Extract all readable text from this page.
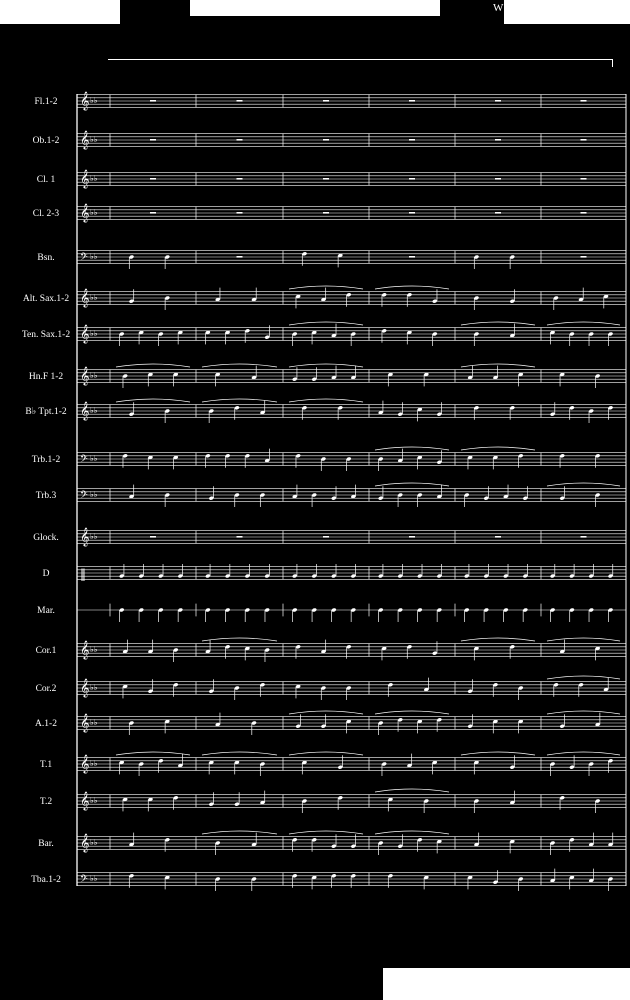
W
Fl.1-2 𝄞 ♭♭
Ob.1-2 𝄞 ♭♭
Cl. 1 𝄞 ♭♭
Cl. 2-3 𝄞 ♭♭
Bsn. 𝄢 ♭♭
Alt. Sax.1-2 𝄞 ♭♭
Ten. Sax.1-2 𝄞 ♭♭
Hn.F 1-2 𝄞 ♭♭
B♭ Tpt.1-2 𝄞 ♭♭
Trb.1-2 𝄢 ♭♭
Trb.3 𝄢 ♭♭
Glock. 𝄞 ♭♭
D	‖
Mar.
Cor.1 𝄞 ♭♭
Cor.2 𝄞 ♭♭
A.1-2 𝄞 ♭♭
T.1 𝄞 ♭♭
T.2 𝄞 ♭♭
Bar. 𝄞 ♭♭
Tba.1-2 𝄢 ♭♭
